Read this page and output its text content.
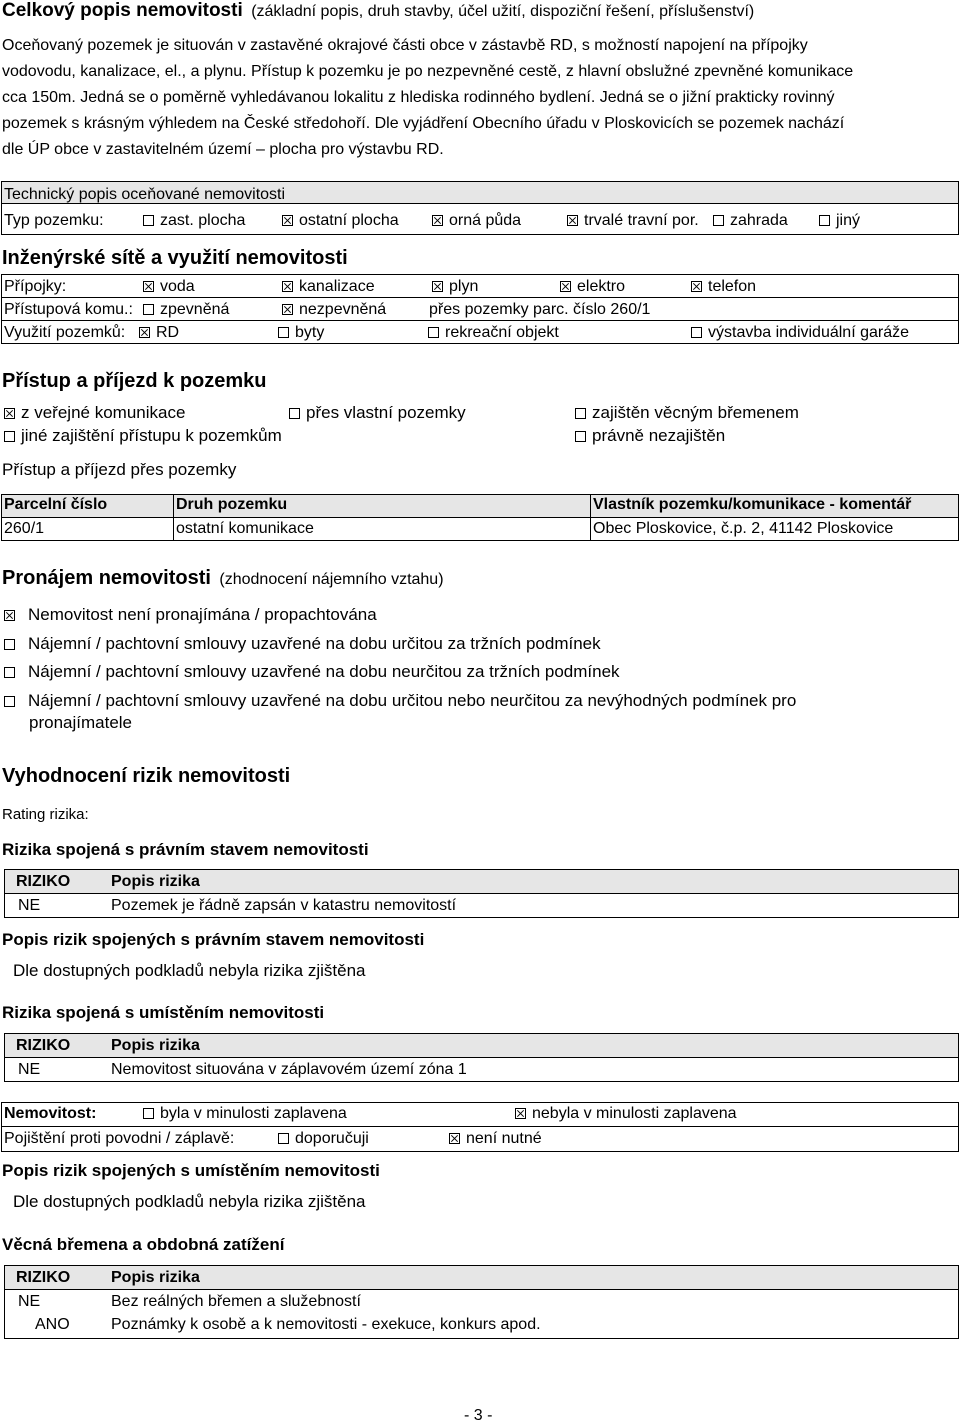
Celkový popis nemovitosti (základní popis, druh stavby, účel užití, dispoziční řešení, příslušenství)
Oceňovaný pozemek je situován v zastavěné okrajové části obce v zástavbě RD, s možností napojení na přípojky
vodovodu, kanalizace, el., a plynu. Přístup k pozemku je po nezpevněné cestě, z hlavní obslužné zpevněné komunikace
cca 150m. Jedná se o poměrně vyhledávanou lokalitu z hlediska rodinného bydlení. Jedná se o jižní prakticky rovinný
pozemek s krásným výhledem na České středohoří. Dle vyjádření Obecního úřadu v Ploskovicích se pozemek nachází
dle ÚP obce v zastavitelném území – plocha pro výstavbu RD.
Technický popis oceňované nemovitosti
Typ pozemku:	zast. plocha	ostatní plocha	orná půda	trvalé travní por.	zahrada	jiný
Inženýrské sítě a využití nemovitosti
Přípojky:	voda	kanalizace	plyn	elektro	telefon
Přístupová komu.:	zpevněná	nezpevněná	přes pozemky parc. číslo 260/1
Využití pozemků:	RD	byty	rekreační objekt	výstavba individuální garáže
Přístup a příjezd k pozemku
z veřejné komunikace	přes vlastní pozemky	zajištěn věcným břemenem
jiné zajištění přístupu k pozemkům	právně nezajištěn
Přístup a příjezd přes pozemky
Parcelní číslo	Druh pozemku	Vlastník pozemku/komunikace - komentář
260/1	ostatní komunikace	Obec Ploskovice, č.p. 2, 41142 Ploskovice
Pronájem nemovitosti (zhodnocení nájemního vztahu)
Nemovitost není pronajímána / propachtována
Nájemní / pachtovní smlouvy uzavřené na dobu určitou za tržních podmínek
Nájemní / pachtovní smlouvy uzavřené na dobu neurčitou za tržních podmínek
Nájemní / pachtovní smlouvy uzavřené na dobu určitou nebo neurčitou za nevýhodných podmínek pro
pronajímatele
Vyhodnocení rizik nemovitosti
Rating rizika:
Rizika spojená s právním stavem nemovitosti
RIZIKO	Popis rizika
NE	Pozemek je řádně zapsán v katastru nemovitostí
Popis rizik spojených s právním stavem nemovitosti
Dle dostupných podkladů nebyla rizika zjištěna
Rizika spojená s umístěním nemovitosti
RIZIKO	Popis rizika
NE	Nemovitost situována v záplavovém území zóna 1
Nemovitost:	byla v minulosti zaplavena	nebyla v minulosti zaplavena
Pojištění proti povodni / záplavě:	doporučuji	není nutné
Popis rizik spojených s umístěním nemovitosti
Dle dostupných podkladů nebyla rizika zjištěna
Věcná břemena a obdobná zatížení
RIZIKO	Popis rizika
NE	Bez reálných břemen a služebností
ANO	Poznámky k osobě a k nemovitosti - exekuce, konkurs apod.
- 3 -
